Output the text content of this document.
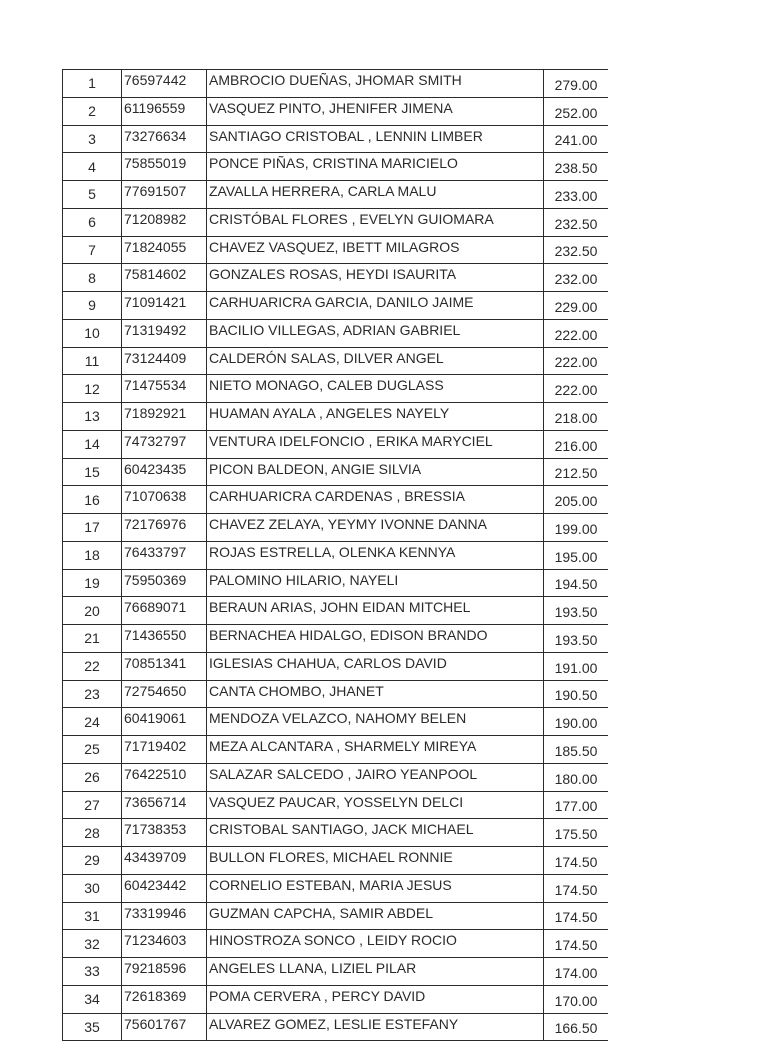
1	76597442	AMBROCIO DUEÑAS, JHOMAR SMITH	279.00
2	61196559	VASQUEZ PINTO, JHENIFER JIMENA	252.00
3	73276634	SANTIAGO CRISTOBAL , LENNIN LIMBER	241.00
4	75855019	PONCE PIÑAS, CRISTINA MARICIELO	238.50
5	77691507	ZAVALLA HERRERA, CARLA MALU	233.00
6	71208982	CRISTÓBAL FLORES , EVELYN GUIOMARA	232.50
7	71824055	CHAVEZ VASQUEZ, IBETT MILAGROS	232.50
8	75814602	GONZALES ROSAS, HEYDI ISAURITA	232.00
9	71091421	CARHUARICRA GARCIA, DANILO JAIME	229.00
10	71319492	BACILIO VILLEGAS, ADRIAN GABRIEL	222.00
11	73124409	CALDERÓN SALAS, DILVER ANGEL	222.00
12	71475534	NIETO MONAGO, CALEB DUGLASS	222.00
13	71892921	HUAMAN AYALA , ANGELES NAYELY	218.00
14	74732797	VENTURA IDELFONCIO , ERIKA MARYCIEL	216.00
15	60423435	PICON BALDEON, ANGIE SILVIA	212.50
16	71070638	CARHUARICRA CARDENAS , BRESSIA	205.00
17	72176976	CHAVEZ ZELAYA, YEYMY IVONNE DANNA	199.00
18	76433797	ROJAS ESTRELLA, OLENKA KENNYA	195.00
19	75950369	PALOMINO HILARIO, NAYELI	194.50
20	76689071	BERAUN ARIAS, JOHN EIDAN MITCHEL	193.50
21	71436550	BERNACHEA HIDALGO, EDISON BRANDO	193.50
22	70851341	IGLESIAS CHAHUA, CARLOS DAVID	191.00
23	72754650	CANTA CHOMBO, JHANET	190.50
24	60419061	MENDOZA VELAZCO, NAHOMY BELEN	190.00
25	71719402	MEZA ALCANTARA , SHARMELY MIREYA	185.50
26	76422510	SALAZAR SALCEDO , JAIRO YEANPOOL	180.00
27	73656714	VASQUEZ PAUCAR, YOSSELYN DELCI	177.00
28	71738353	CRISTOBAL SANTIAGO, JACK MICHAEL	175.50
29	43439709	BULLON FLORES, MICHAEL RONNIE	174.50
30	60423442	CORNELIO ESTEBAN, MARIA JESUS	174.50
31	73319946	GUZMAN CAPCHA, SAMIR ABDEL	174.50
32	71234603	HINOSTROZA SONCO , LEIDY ROCIO	174.50
33	79218596	ANGELES LLANA, LIZIEL PILAR	174.00
34	72618369	POMA CERVERA , PERCY DAVID	170.00
35	75601767	ALVAREZ GOMEZ, LESLIE ESTEFANY	166.50
